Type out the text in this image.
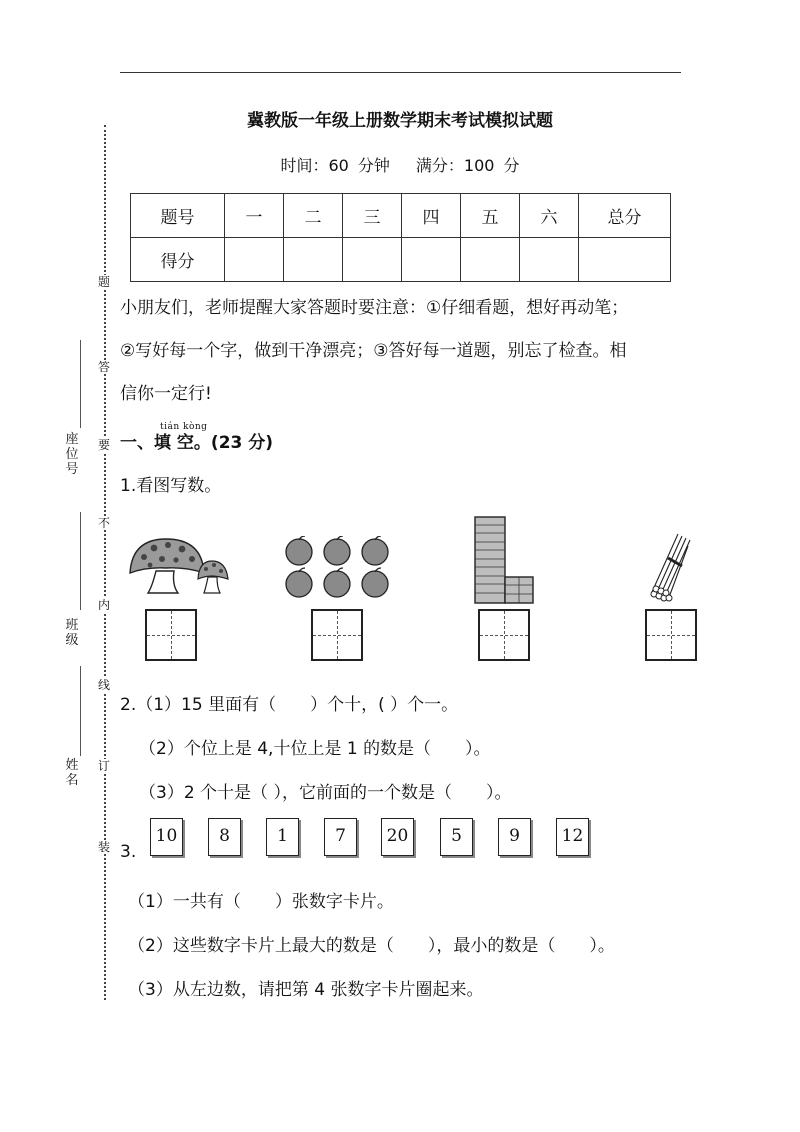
冀教版一年级上册数学期末考试模拟试题
时间：60 分钟 满分：100 分
题号	一	二	三	四	五	六	总分
得分							
小朋友们，老师提醒大家答题时要注意：①仔细看题，想好再动笔；
②写好每一个字，做到干净漂亮；③答好每一道题，别忘了检查。相
信你一定行!
tián kòng
一、填 空。(23 分)
1.看图写数。
2.（1）15 里面有（　　）个十，( ）个一。
（2）个位上是 4,十位上是 1 的数是（　　）。
（3）2 个十是（ ），它前面的一个数是（　　）。
3.
10	8	1	7	20	5	9	12
（1）一共有（　　）张数字卡片。
（2）这些数字卡片上最大的数是（　　），最小的数是（　　）。
（3）从左边数，请把第 4 张数字卡片圈起来。
题
答
要
不
内
线
订
装
座位号
班级
姓名
